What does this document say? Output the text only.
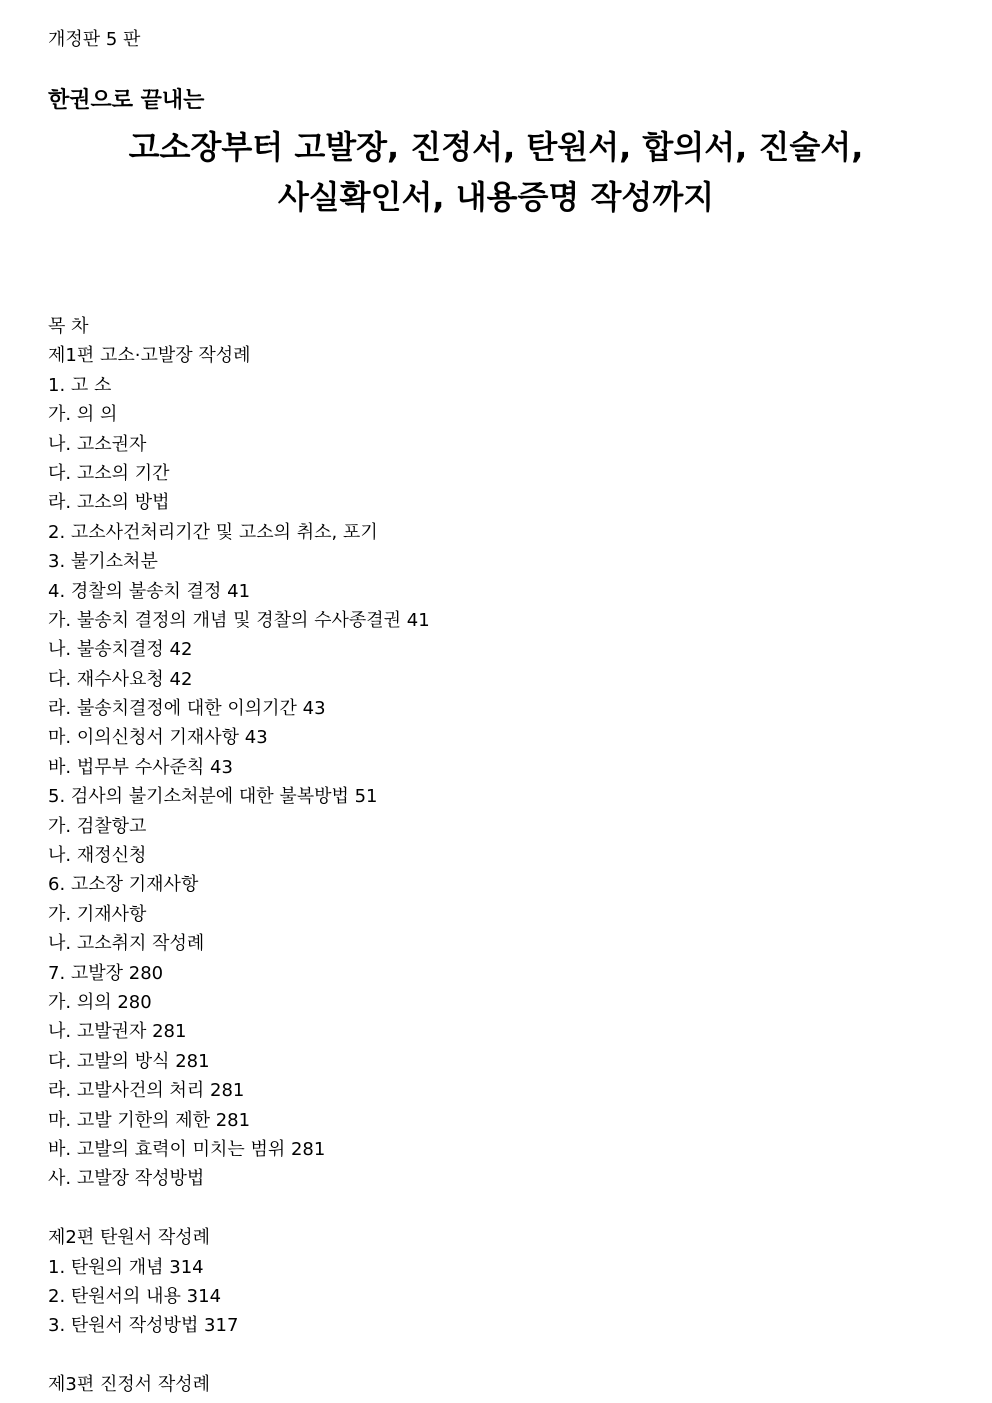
개정판 5 판
한권으로 끝내는
고소장부터 고발장, 진정서, 탄원서, 합의서, 진술서,
사실확인서, 내용증명 작성까지
목 차
제1편 고소·고발장 작성례
1. 고 소
가. 의 의
나. 고소권자
다. 고소의 기간
라. 고소의 방법
2. 고소사건처리기간 및 고소의 취소, 포기
3. 불기소처분
4. 경찰의 불송치 결정 41
가. 불송치 결정의 개념 및 경찰의 수사종결권 41
나. 불송치결정 42
다. 재수사요청 42
라. 불송치결정에 대한 이의기간 43
마. 이의신청서 기재사항 43
바. 법무부 수사준칙 43
5. 검사의 불기소처분에 대한 불복방법 51
가. 검찰항고
나. 재정신청
6. 고소장 기재사항
가. 기재사항
나. 고소취지 작성례
7. 고발장 280
가. 의의 280
나. 고발권자 281
다. 고발의 방식 281
라. 고발사건의 처리 281
마. 고발 기한의 제한 281
바. 고발의 효력이 미치는 범위 281
사. 고발장 작성방법
제2편 탄원서 작성례
1. 탄원의 개념 314
2. 탄원서의 내용 314
3. 탄원서 작성방법 317
제3편 진정서 작성례
